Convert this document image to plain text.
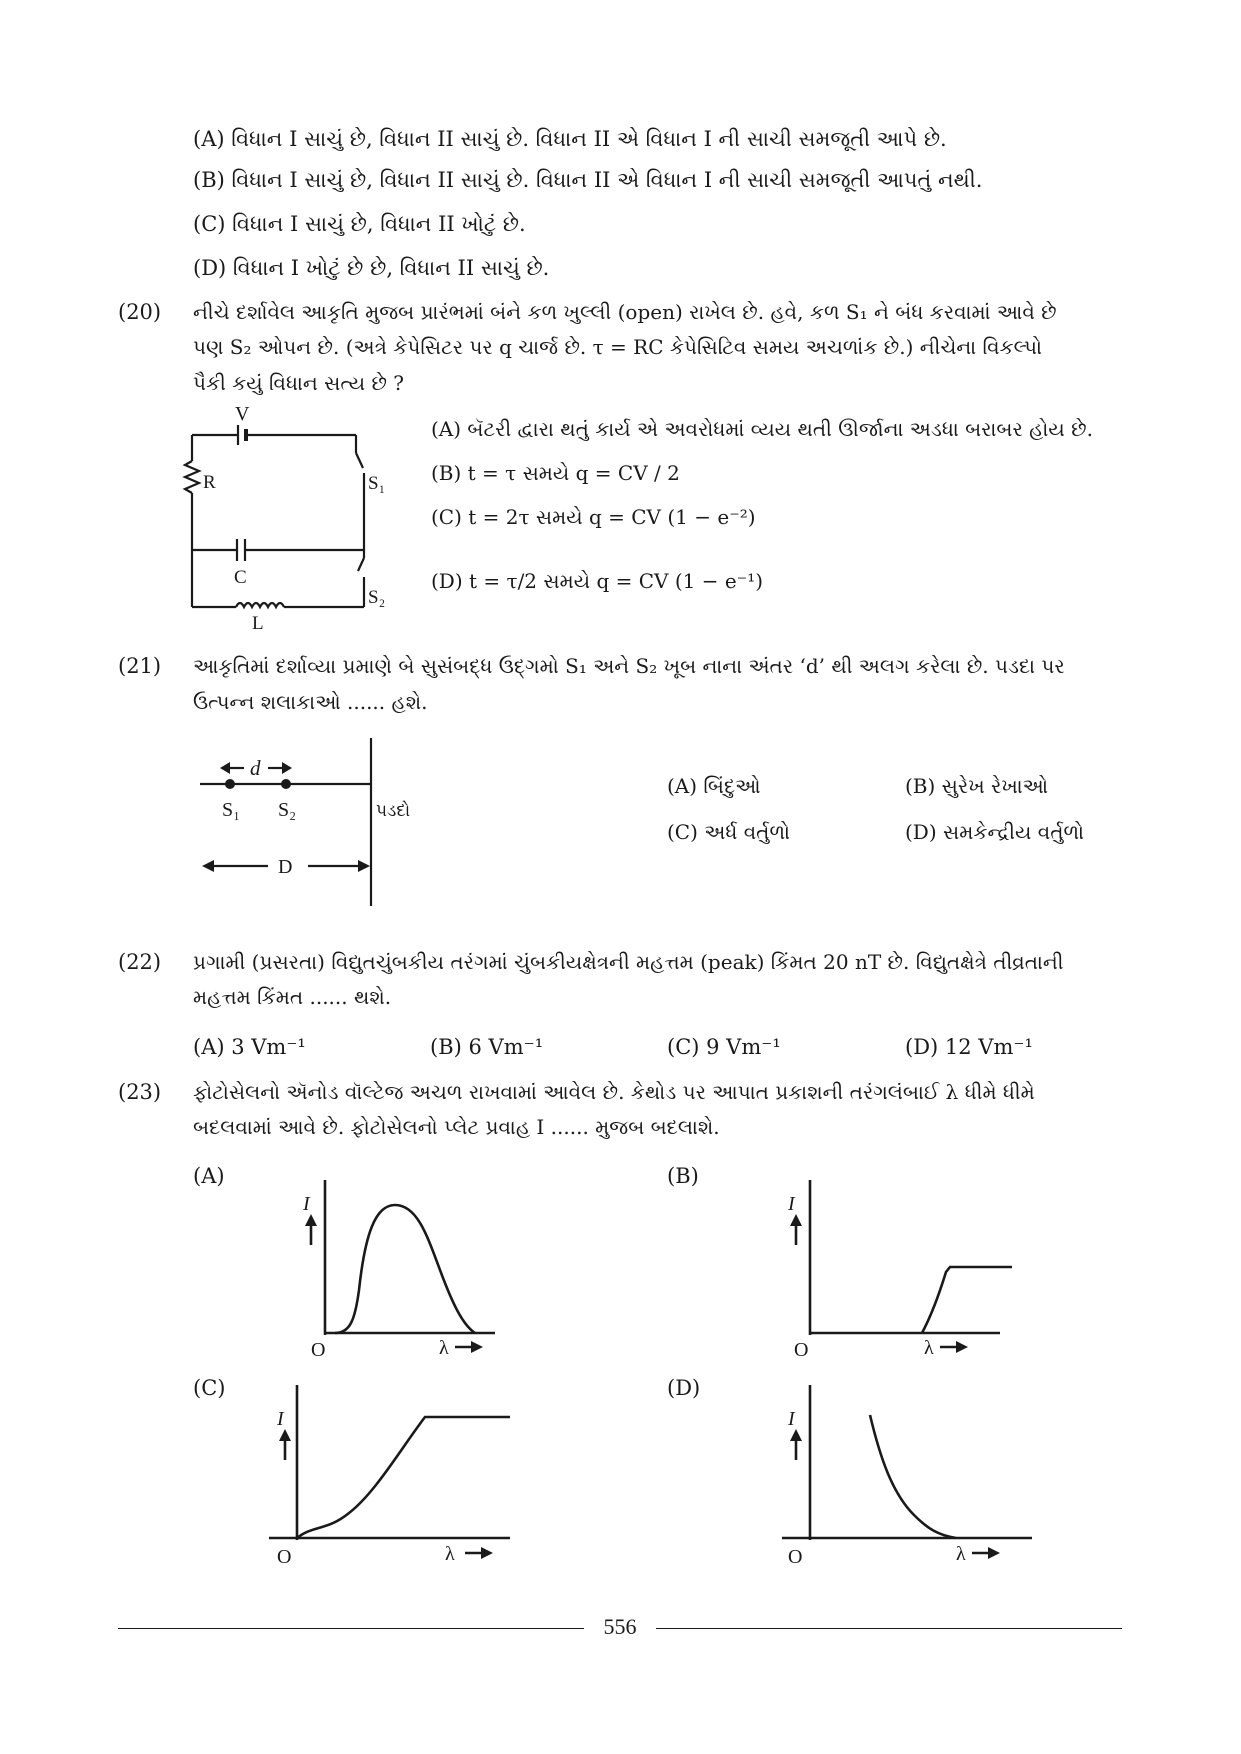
(A) વિધાન I સાચું છે, વિધાન II સાચું છે. વિધાન II એ વિધાન I ની સાચી સમજૂતી આપે છે.
(B) વિધાન I સાચું છે, વિધાન II સાચું છે. વિધાન II એ વિધાન I ની સાચી સમજૂતી આપતું નથી.
(C) વિધાન I સાચું છે, વિધાન II ખોટું છે.
(D) વિધાન I ખોટું છે છે, વિધાન II સાચું છે.
(20) નીચે દર્શાવેલ આકૃતિ મુજબ પ્રારંભમાં બંને કળ ખુલ્લી (open) રાખેલ છે. હવે, કળ S₁ ને બંધ કરવામાં આવે છે
પણ S₂ ઓપન છે. (અત્રે કેપેસિટર પર q ચાર્જ છે. τ = RC કેપેસિટિવ સમય અચળાંક છે.) નીચેના વિકલ્પો
પૈકી કયું વિધાન સત્ય છે ?
V
R	S₁
C
S₂
L
(A) બૅટરી દ્વારા થતું કાર્ય એ અવરોધમાં વ્યય થતી ઊર્જાના અડધા બરાબર હોય છે.
(B) t = τ સમયે q = CV / 2
(C) t = 2τ સમયે q = CV (1 − e⁻²)
(D) t = τ/2 સમયે q = CV (1 − e⁻¹)
(21) આકૃતિમાં દર્શાવ્યા પ્રમાણે બે સુસંબદ્ધ ઉદ્‌ગમો S₁ અને S₂ ખૂબ નાના અંતર ‘d’ થી અલગ કરેલા છે. પડદા પર
ઉત્પન્ન શલાકાઓ ...... હશે.
d
S₁ S₂	પડદો
D
(A) બિંદુઓ	(B) સુરેખ રેખાઓ
(C) અર્ધ વર્તુળો	(D) સમકેન્દ્રીય વર્તુળો
(22) પ્રગામી (પ્રસરતા) વિદ્યુતચુંબકીય તરંગમાં ચુંબકીયક્ષેત્રની મહત્તમ (peak) કિંમત 20 nT છે. વિદ્યુતક્ષેત્રે તીવ્રતાની
મહત્તમ કિંમત ...... થશે.
(A) 3 Vm⁻¹	(B) 6 Vm⁻¹	(C) 9 Vm⁻¹	(D) 12 Vm⁻¹
(23) ફોટોસેલનો ઍનોડ વૉલ્ટેજ અચળ રાખવામાં આવેલ છે. કેથોડ પર આપાત પ્રકાશની તરંગલંબાઈ λ ધીમે ધીમે
બદલવામાં આવે છે. ફોટોસેલનો પ્લેટ પ્રવાહ I ...... મુજબ બદલાશે.
(A)	(B)
(C)	(D)
I
O	λ
I
O	λ
I
O	λ
I
O	λ
556
